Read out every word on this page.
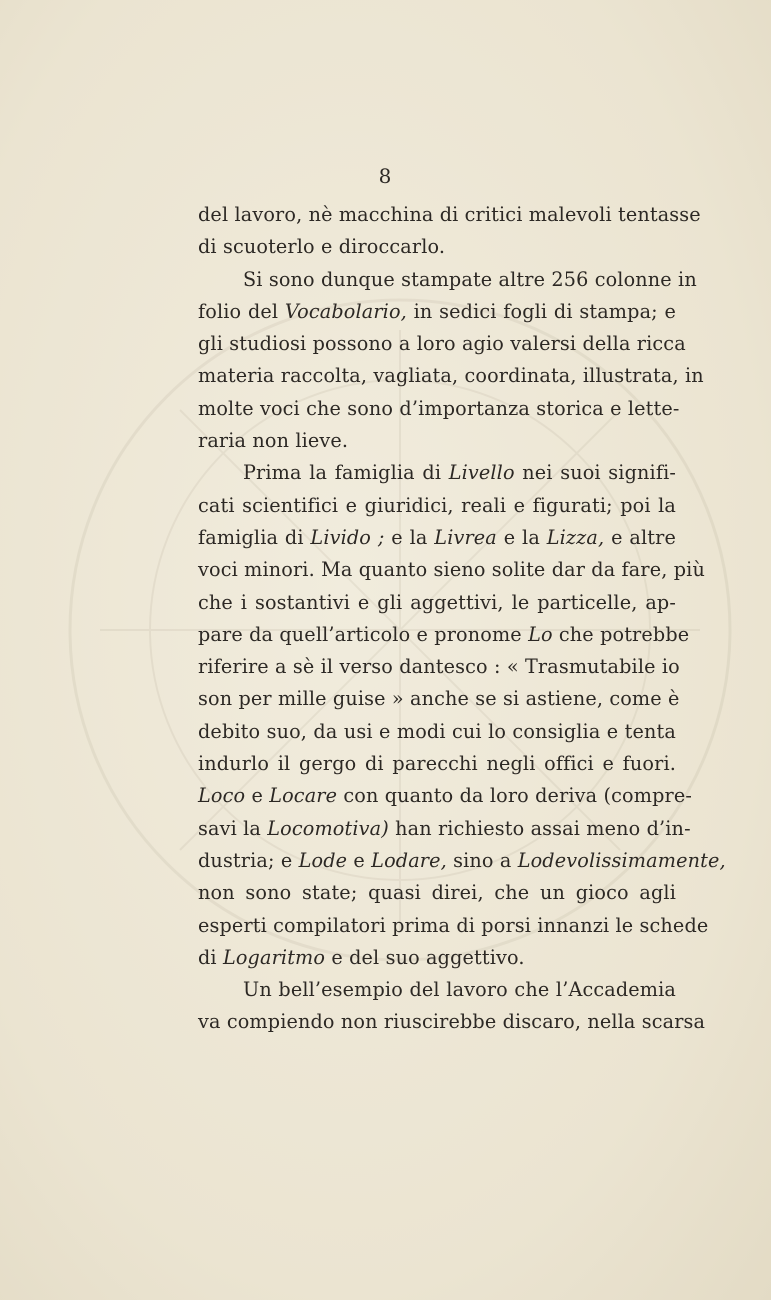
8
del lavoro, nè macchina di critici malevoli tentasse
di scuoterlo e diroccarlo.
Si sono dunque stampate altre 256 colonne in
folio del Vocabolario, in sedici fogli di stampa; e
gli studiosi possono a loro agio valersi della ricca
materia raccolta, vagliata, coordinata, illustrata, in
molte voci che sono d’importanza storica e lette-
raria non lieve.
Prima la famiglia di Livello nei suoi signifi-
cati scientifici e giuridici, reali e figurati; poi la
famiglia di Livido ; e la Livrea e la Lizza, e altre
voci minori. Ma quanto sieno solite dar da fare, più
che i sostantivi e gli aggettivi, le particelle, ap-
pare da quell’articolo e pronome Lo che potrebbe
riferire a sè il verso dantesco : « Trasmutabile io
son per mille guise » anche se si astiene, come è
debito suo, da usi e modi cui lo consiglia e tenta
indurlo il gergo di parecchi negli offici e fuori.
Loco e Locare con quanto da loro deriva (compre-
savi la Locomotiva) han richiesto assai meno d’in-
dustria; e Lode e Lodare, sino a Lodevolissimamente,
non sono state; quasi direi, che un gioco agli
esperti compilatori prima di porsi innanzi le schede
di Logaritmo e del suo aggettivo.
Un bell’esempio del lavoro che l’Accademia
va compiendo non riuscirebbe discaro, nella scarsa
